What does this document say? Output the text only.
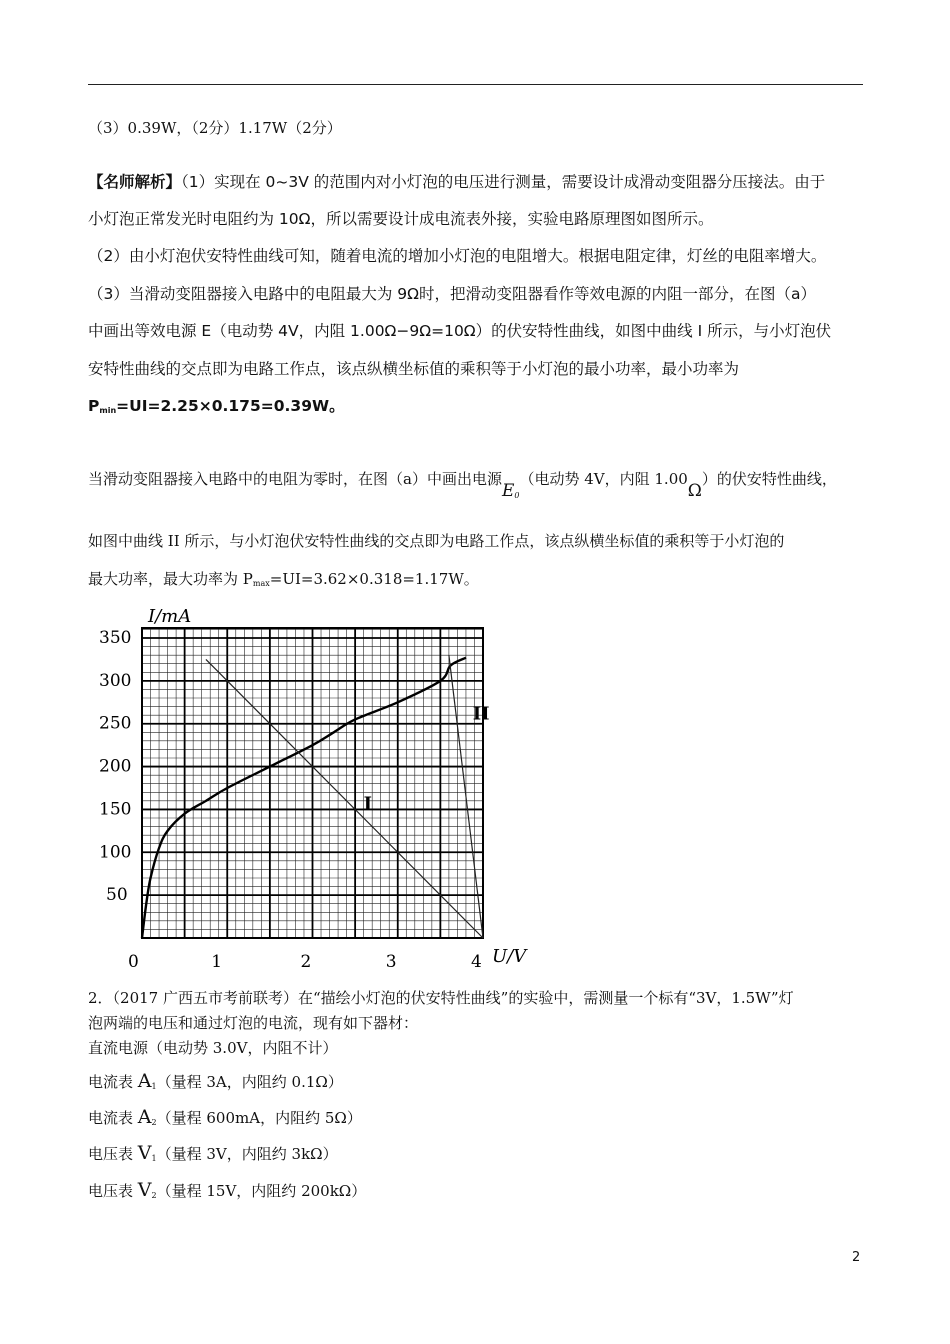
（3）0.39W，（2分）1.17W（2分）
【名师解析】（1）实现在 0~3V 的范围内对小灯泡的电压进行测量，需要设计成滑动变阻器分压接法。由于
小灯泡正常发光时电阻约为 10Ω，所以需要设计成电流表外接，实验电路原理图如图所示。
（2）由小灯泡伏安特性曲线可知，随着电流的增加小灯泡的电阻增大。根据电阻定律，灯丝的电阻率增大。
（3）当滑动变阻器接入电路中的电阻最大为 9Ω时，把滑动变阻器看作等效电源的内阻一部分，在图（a）
中画出等效电源 E（电动势 4V，内阻 1.00Ω−9Ω=10Ω）的伏安特性曲线，如图中曲线 I 所示，与小灯泡伏
安特性曲线的交点即为电路工作点，该点纵横坐标值的乘积等于小灯泡的最小功率，最小功率为
$P_{min}=UI=2.25\times 0.175=0.39W$。
当滑动变阻器接入电路中的电阻为零时，在图（a）中画出电源$E_0$（电动势 4V，内阻 1.00Ω）的伏安特性曲线，
如图中曲线 II 所示，与小灯泡伏安特性曲线的交点即为电路工作点，该点纵横坐标值的乘积等于小灯泡的
最大功率，最大功率为 $P_{max}=UI=3.62\times 0.318=1.17W$。
0	1	2	3	4
50
100
150
200
250
300
350
I
II
I/mA
U/V
2．（2017 广西五市考前联考）在“描绘小灯泡的伏安特性曲线”的实验中，需测量一个标有“3V，1.5W”灯
泡两端的电压和通过灯泡的电流，现有如下器材：
直流电源（电动势 3.0V，内阻不计）
电流表 $A_1$（量程 3A，内阻约 0.1Ω）
电流表 $A_2$（量程 600mA，内阻约 5Ω）
电压表 $V_1$（量程 3V，内阻约 3kΩ）
电压表 $V_2$（量程 15V，内阻约 200kΩ）
2
